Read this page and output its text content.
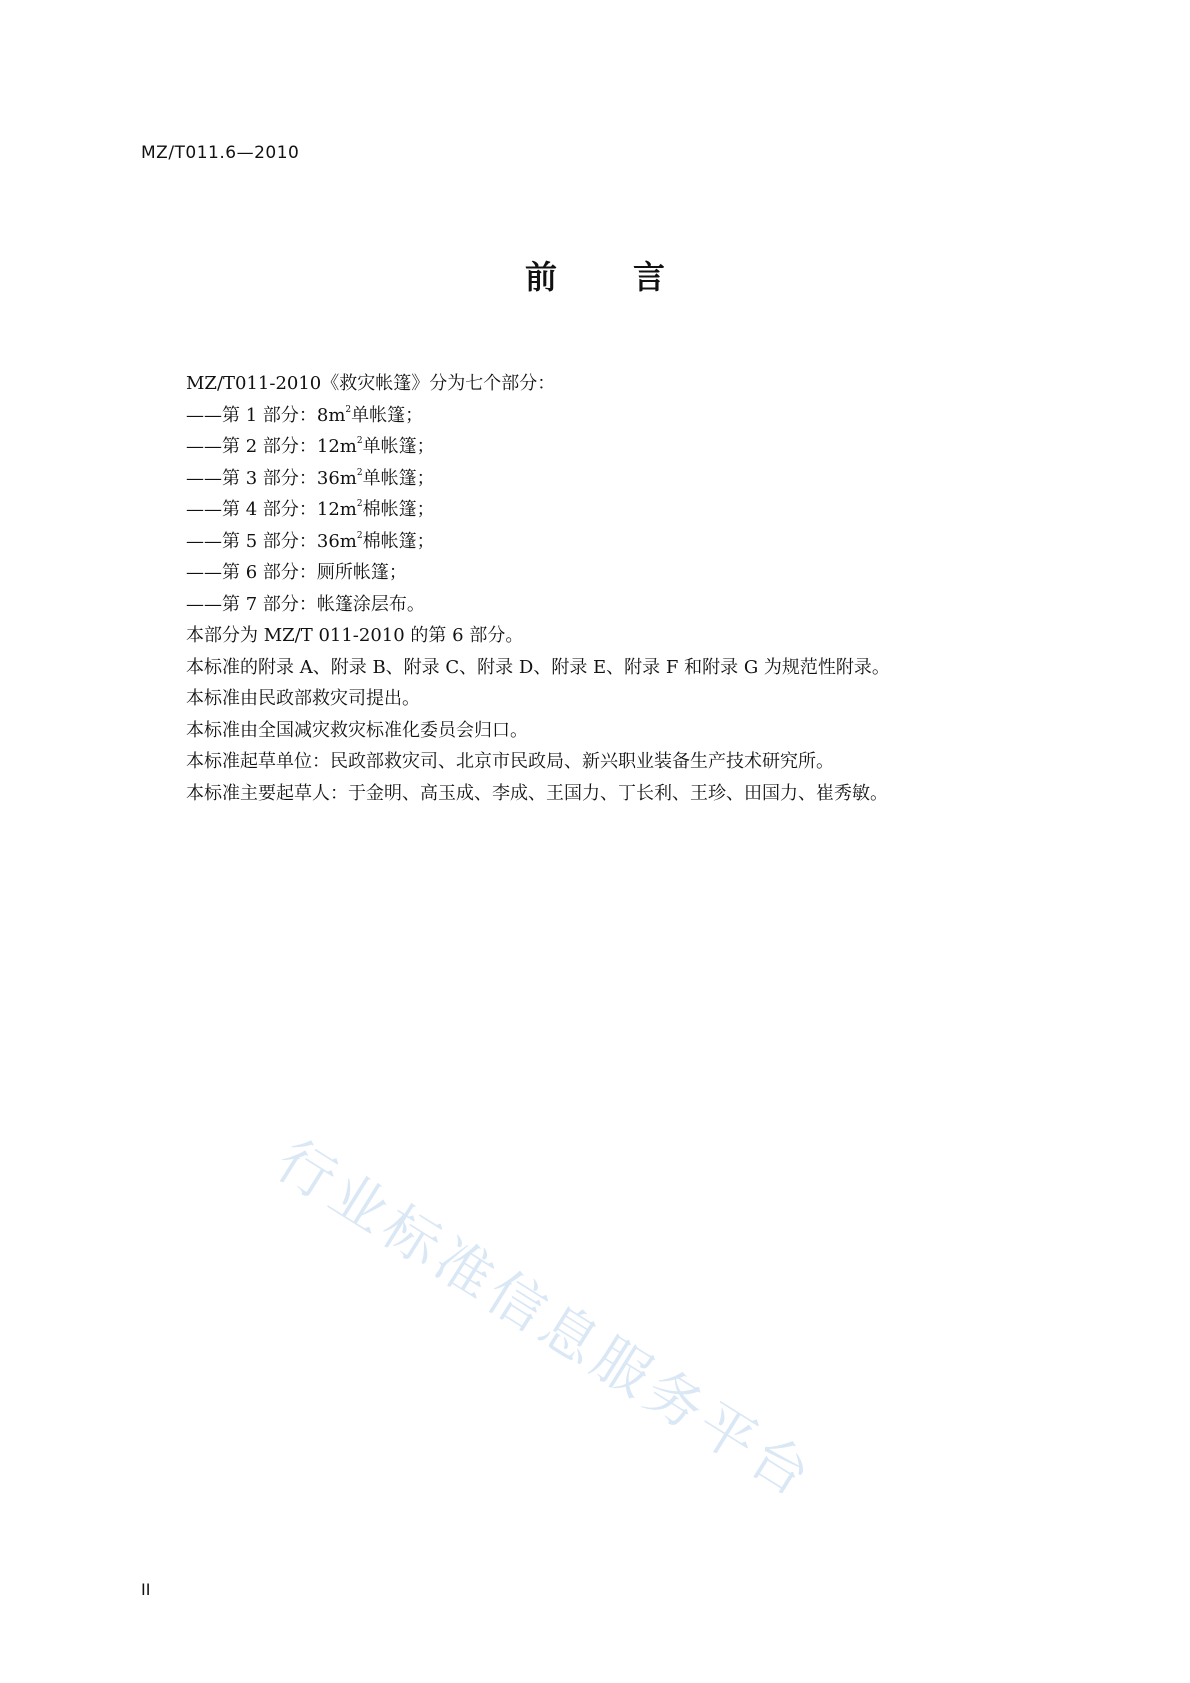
MZ/T011.6—2010
前 言
MZ/T011-2010《救灾帐篷》分为七个部分：
——第 1 部分：$8m^2$单帐篷；
——第 2 部分：$12m^2$单帐篷；
——第 3 部分：$36m^2$单帐篷；
——第 4 部分：$12m^2$棉帐篷；
——第 5 部分：$36m^2$棉帐篷；
——第 6 部分：厕所帐篷；
——第 7 部分：帐篷涂层布。
本部分为 MZ/T 011-2010 的第 6 部分。
本标准的附录 A、附录 B、附录 C、附录 D、附录 E、附录 F 和附录 G 为规范性附录。
本标准由民政部救灾司提出。
本标准由全国减灾救灾标准化委员会归口。
本标准起草单位：民政部救灾司、北京市民政局、新兴职业装备生产技术研究所。
本标准主要起草人：于金明、高玉成、李成、王国力、丁长利、王珍、田国力、崔秀敏。
行业标准信息服务平台
II
